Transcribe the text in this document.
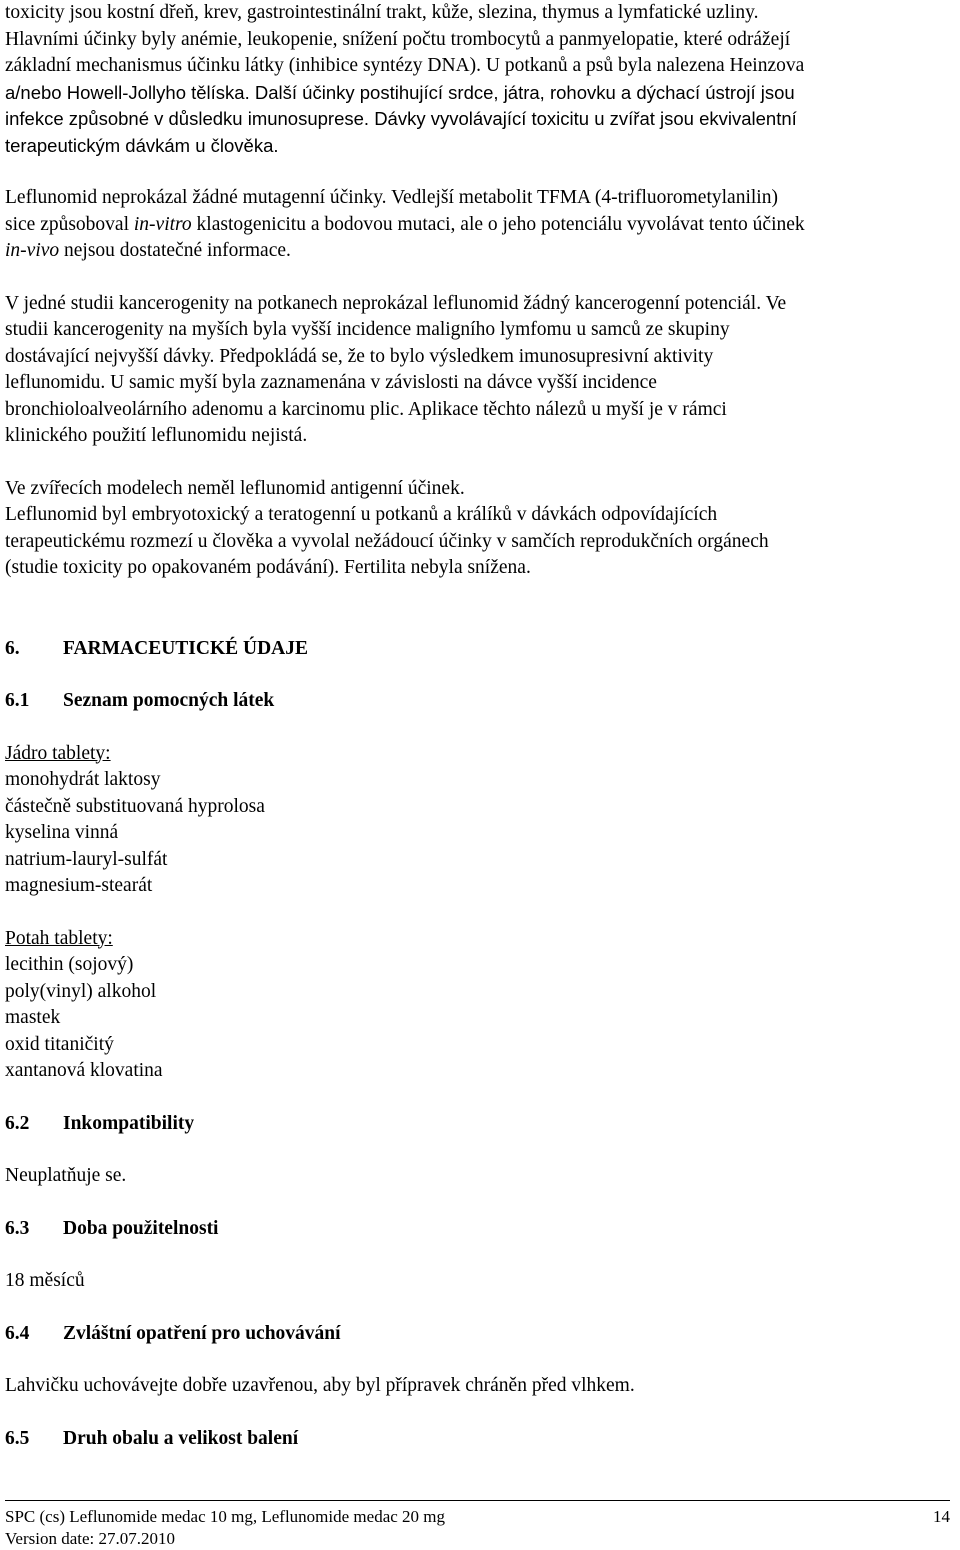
toxicity jsou kostní dřeň, krev, gastrointestinální trakt, kůže, slezina, thymus a lymfatické uzliny.

Hlavními účinky byly anémie, leukopenie, snížení počtu trombocytů a panmyelopatie, které odrážejí

základní mechanismus účinku látky (inhibice syntézy DNA). U potkanů a psů byla nalezena Heinzova

a/nebo Howell-Jollyho tělíska. Další účinky postihující srdce, játra, rohovku a dýchací ústrojí jsou

infekce způsobné v důsledku imunosuprese. Dávky vyvolávající toxicitu u zvířat jsou ekvivalentní

terapeutickým dávkám u člověka.

Leflunomid neprokázal žádné mutagenní účinky. Vedlejší metabolit TFMA (4-trifluorometylanilin)

sice způsoboval in-vitro klastogenicitu a bodovou mutaci, ale o jeho potenciálu vyvolávat tento účinek

in-vivo nejsou dostatečné informace.

V jedné studii kancerogenity na potkanech neprokázal leflunomid žádný kancerogenní potenciál. Ve

studii kancerogenity na myších byla vyšší incidence maligního lymfomu u samců ze skupiny

dostávající nejvyšší dávky. Předpokládá se, že to bylo výsledkem imunosupresivní aktivity

leflunomidu. U samic myší byla zaznamenána v závislosti na dávce vyšší incidence

bronchioloalveolárního adenomu a karcinomu plic. Aplikace těchto nálezů u myší je v rámci

klinického použití leflunomidu nejistá.

Ve zvířecích modelech neměl leflunomid antigenní účinek.

Leflunomid byl embryotoxický a teratogenní u potkanů a králíků v dávkách odpovídajících

terapeutickému rozmezí u člověka a vyvolal nežádoucí účinky v samčích reprodukčních orgánech

(studie toxicity po opakovaném podávání). Fertilita nebyla snížena.

6.	FARMACEUTICKÉ ÚDAJE
6.1	Seznam pomocných látek

Jádro tablety:

monohydrát laktosy

částečně substituovaná hyprolosa

kyselina vinná

natrium-lauryl-sulfát

magnesium-stearát

Potah tablety:

lecithin (sojový)

poly(vinyl) alkohol

mastek

oxid titaničitý

xantanová klovatina

6.2	Inkompatibility

Neuplatňuje se.

6.3	Doba použitelnosti

18 měsíců

6.4	Zvláštní opatření pro uchovávání

Lahvičku uchovávejte dobře uzavřenou, aby byl přípravek chráněn před vlhkem.

6.5	Druh obalu a velikost balení
SPC (cs) Leflunomide medac 10 mg, Leflunomide medac 20 mg	14
Version date: 27.07.2010
